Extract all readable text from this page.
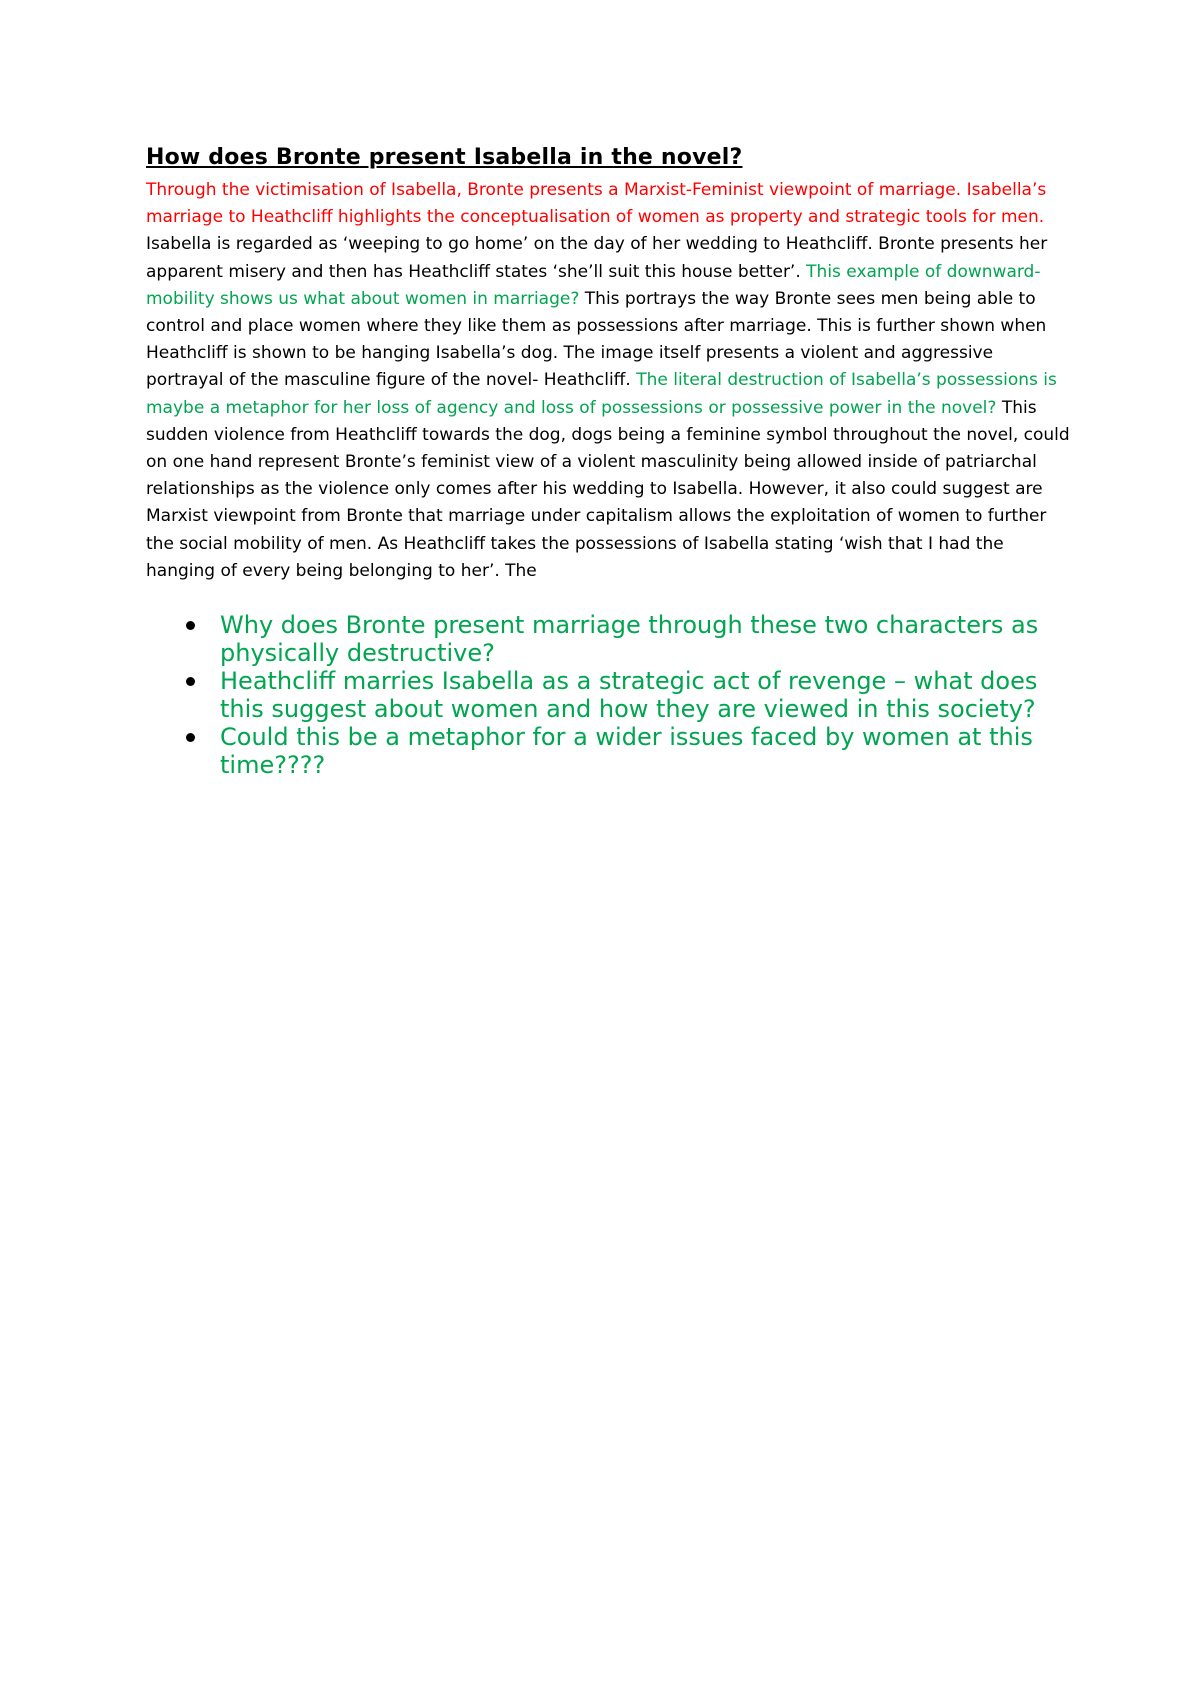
How does Bronte present Isabella in the novel?

Through the victimisation of Isabella, Bronte presents a Marxist-Feminist viewpoint of marriage. Isabella’s marriage to Heathcliff highlights the conceptualisation of women as property and strategic tools for men.
Isabella is regarded as ‘weeping to go home’ on the day of her wedding to Heathcliff. Bronte presents her apparent misery and then has Heathcliff states ‘she’ll suit this house better’. This example of downward-mobility shows us what about women in marriage? This portrays the way Bronte sees men being able to control and place women where they like them as possessions after marriage. This is further shown when Heathcliff is shown to be hanging Isabella’s dog. The image itself presents a violent and aggressive portrayal of the masculine figure of the novel- Heathcliff. The literal destruction of Isabella’s possessions is maybe a metaphor for her loss of agency and loss of possessions or possessive power in the novel? This sudden violence from Heathcliff towards the dog, dogs being a feminine symbol throughout the novel, could on one hand represent Bronte’s feminist view of a violent masculinity being allowed inside of patriarchal relationships as the violence only comes after his wedding to Isabella. However, it also could suggest are Marxist viewpoint from Bronte that marriage under capitalism allows the exploitation of women to further the social mobility of men. As Heathcliff takes the possessions of Isabella stating ‘wish that I had the hanging of every being belonging to her’. The

Why does Bronte present marriage through these two characters as physically destructive?
Heathcliff marries Isabella as a strategic act of revenge – what does this suggest about women and how they are viewed in this society?
Could this be a metaphor for a wider issues faced by women at this time????
